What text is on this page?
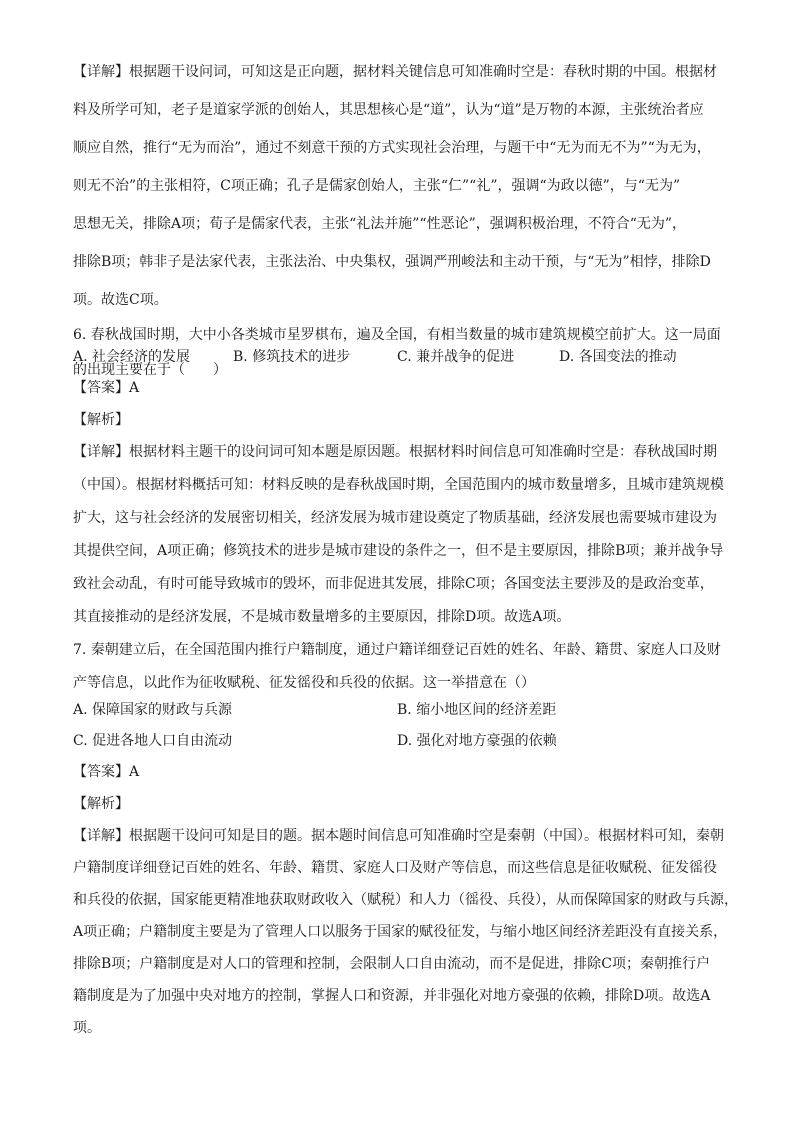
【详解】根据题干设问词，可知这是正向题，据材料关键信息可知准确时空是：春秋时期的中国。根据材
料及所学可知，老子是道家学派的创始人，其思想核心是“道”，认为“道”是万物的本源，主张统治者应
顺应自然，推行“无为而治”，通过不刻意干预的方式实现社会治理，与题干中“无为而无不为”“为无为，
则无不治”的主张相符，C项正确；孔子是儒家创始人，主张“仁”“礼”，强调“为政以德”，与“无为”
思想无关，排除A项；荀子是儒家代表，主张“礼法并施”“性恶论”，强调积极治理，不符合“无为”，
排除B项；韩非子是法家代表，主张法治、中央集权，强调严刑峻法和主动干预，与“无为”相悖，排除D
项。故选C项。
6. 春秋战国时期，大中小各类城市星罗棋布，遍及全国，有相当数量的城市建筑规模空前扩大。这一局面
的出现主要在于（　　）
A. 社会经济的发展	B. 修筑技术的进步	C. 兼并战争的促进	D. 各国变法的推动
【答案】A
【解析】
【详解】根据材料主题干的设问词可知本题是原因题。根据材料时间信息可知准确时空是：春秋战国时期
（中国）。根据材料概括可知：材料反映的是春秋战国时期，全国范围内的城市数量增多，且城市建筑规模
扩大，这与社会经济的发展密切相关，经济发展为城市建设奠定了物质基础，经济发展也需要城市建设为
其提供空间，A项正确；修筑技术的进步是城市建设的条件之一，但不是主要原因，排除B项；兼并战争导
致社会动乱，有时可能导致城市的毁坏，而非促进其发展，排除C项；各国变法主要涉及的是政治变革，
其直接推动的是经济发展，不是城市数量增多的主要原因，排除D项。故选A项。
7. 秦朝建立后，在全国范围内推行户籍制度，通过户籍详细登记百姓的姓名、年龄、籍贯、家庭人口及财
产等信息，以此作为征收赋税、征发徭役和兵役的依据。这一举措意在（）
A. 保障国家的财政与兵源	B. 缩小地区间的经济差距
C. 促进各地人口自由流动	D. 强化对地方豪强的依赖
【答案】A
【解析】
【详解】根据题干设问可知是目的题。据本题时间信息可知准确时空是秦朝（中国）。根据材料可知，秦朝
户籍制度详细登记百姓的姓名、年龄、籍贯、家庭人口及财产等信息，而这些信息是征收赋税、征发徭役
和兵役的依据，国家能更精准地获取财政收入（赋税）和人力（徭役、兵役），从而保障国家的财政与兵源，
A项正确；户籍制度主要是为了管理人口以服务于国家的赋役征发，与缩小地区间经济差距没有直接关系，
排除B项；户籍制度是对人口的管理和控制，会限制人口自由流动，而不是促进，排除C项；秦朝推行户
籍制度是为了加强中央对地方的控制，掌握人口和资源，并非强化对地方豪强的依赖，排除D项。故选A
项。
